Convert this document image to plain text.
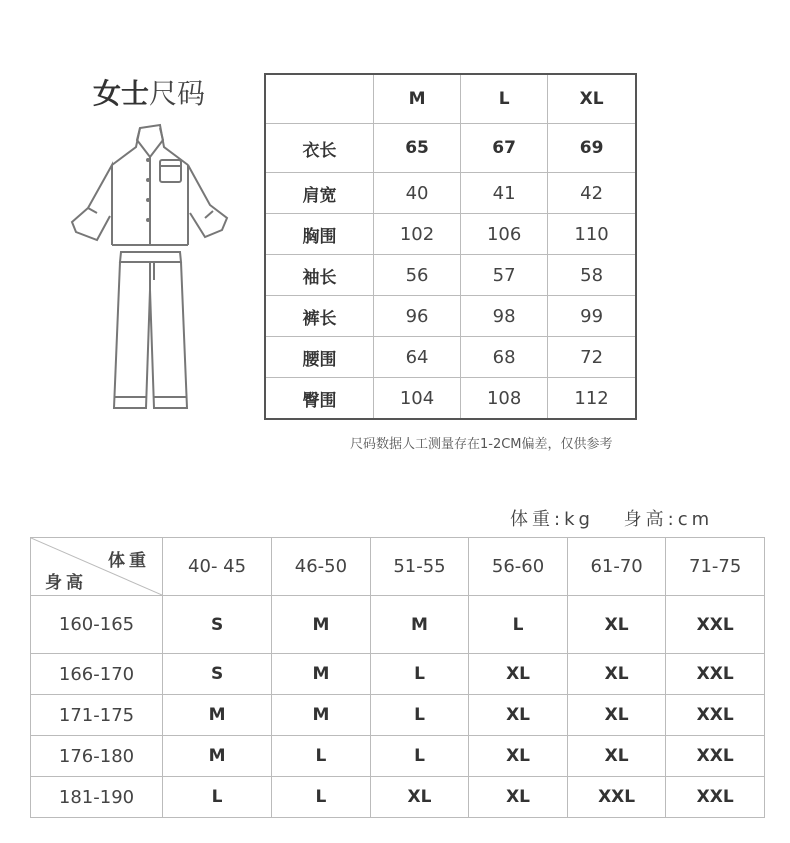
女士尺码
		M	L	XL
衣长	65	67	69
肩宽	40	41	42
胸围	102	106	110
袖长	56	57	58
裤长	96	98	99
腰围	64	68	72
臀围	104	108	112
尺码数据人工测量存在1-2CM偏差，仅供参考
体重:kg 身高:cm
体重
身高	40- 45	46-50	51-55	56-60	61-70	71-75
160-165	S	M	M	L	XL	XXL
166-170	S	M	L	XL	XL	XXL
171-175	M	M	L	XL	XL	XXL
176-180	M	L	L	XL	XL	XXL
181-190	L	L	XL	XL	XXL	XXL
